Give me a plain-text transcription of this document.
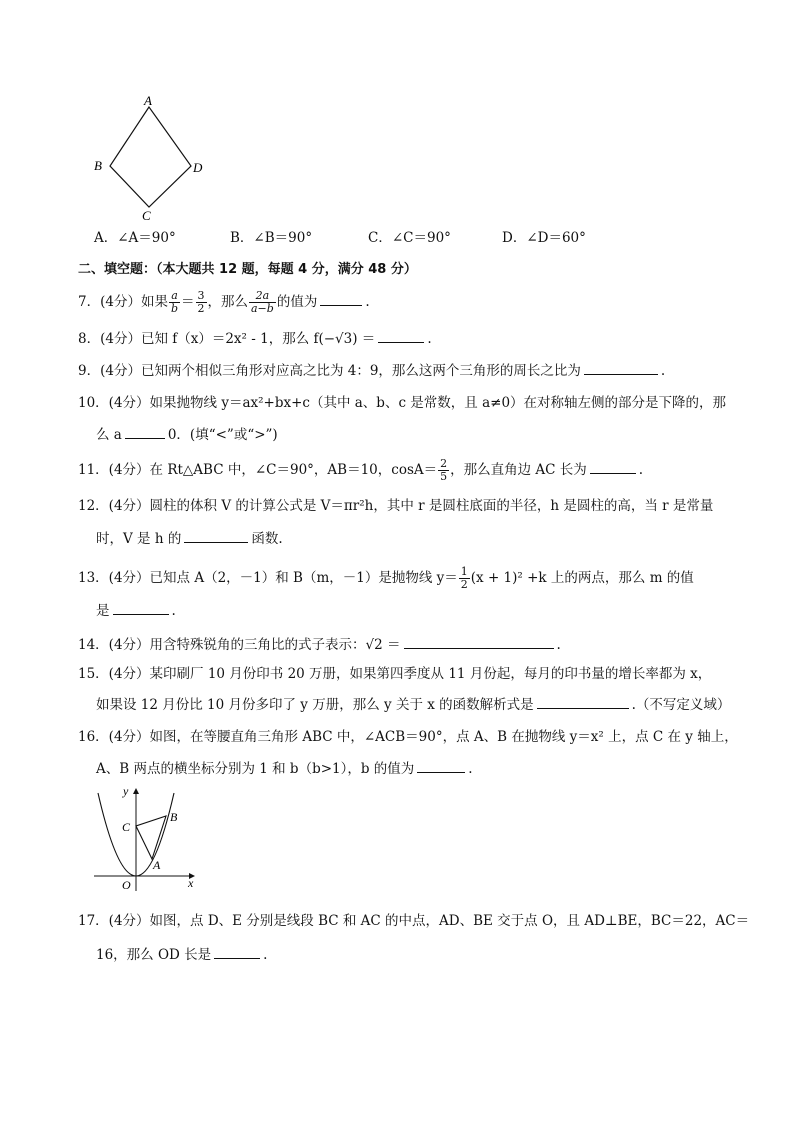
A
B
C
D
A．∠A＝90°	B．∠B＝90°	C．∠C＝90°	D．∠D＝60°
二、填空题：（本大题共 12 题，每题 4 分，满分 48 分）
7．(4分）如果 $\frac{a}{b} = \frac{3}{2}$ ，那么 $\frac{2a}{a-b}$ 的值为	.
8．(4分）已知 f（x）＝2x² - 1，那么 f(−√3) ＝	.
9．(4分）已知两个相似三角形对应高之比为 4：9，那么这两个三角形的周长之比为	.
10．(4分）如果抛物线 y＝ax²+bx+c（其中 a、b、c 是常数，且 a≠0）在对称轴左侧的部分是下降的，那
么 a	0．(填“<”或“>”)
11．(4分）在 Rt△ABC 中，∠C＝90°，AB＝10，$\cos A= \frac{2}{5}$ ，那么直角边 AC 长为	.
12．(4分）圆柱的体积 V 的计算公式是 V＝πr²h，其中 r 是圆柱底面的半径，h 是圆柱的高，当 r 是常量
时，V 是 h 的	函数.
13．(4分）已知点 A（2，－1）和 B（m，－1）是抛物线 $y= \frac{1}{2} (x + 1)^2 +k$ 上的两点，那么 m 的值
是	.
14．(4分）用含特殊锐角的三角比的式子表示：√2 ＝	.
15．(4分）某印刷厂 10 月份印书 20 万册，如果第四季度从 11 月份起，每月的印书量的增长率都为 x，
如果设 12 月份比 10 月份多印了 y 万册，那么 y 关于 x 的函数解析式是	.（不写定义域）
16．(4分）如图，在等腰直角三角形 ABC 中，∠ACB＝90°，点 A、B 在抛物线 y＝x² 上，点 C 在 y 轴上，
A、B 两点的横坐标分别为 1 和 b（b>1），b 的值为	.
y
x
O
A
B
C
17．(4分）如图，点 D、E 分别是线段 BC 和 AC 的中点，AD、BE 交于点 O，且 AD⊥BE，BC＝22，AC＝
16，那么 OD 长是	.
